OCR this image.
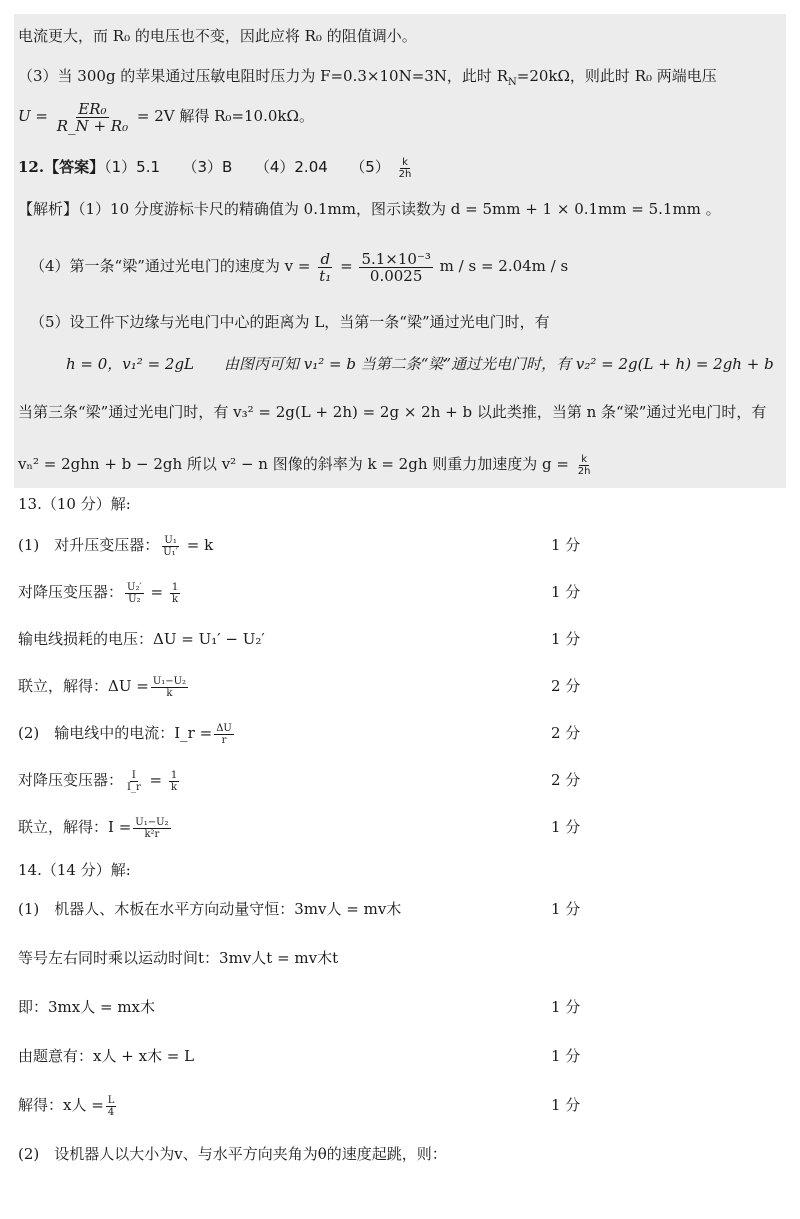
电流更大，而 R₀ 的电压也不变，因此应将 R₀ 的阻值调小。
（3）当 300g 的苹果通过压敏电阻时压力为 F=0.3×10N=3N，此时 $R_N=20k\Omega$，则此时 R₀ 两端电压
$U = \frac{\text{ER₀}}{\text{R\_N + R₀}} = 2V$ 解得 R₀=10.0kΩ。
12.【答案】（1）5.1　　（3）B　　（4）2.04　　$(5) \frac{k}{2h}$
【解析】（1）10 分度游标卡尺的精确值为 0.1mm，图示读数为 d = 5mm + 1 × 0.1mm = 5.1mm 。
（4）第一条“梁”通过光电门的速度为 $v = \frac{d}{\text{t₁}} = \frac{\text{5.1×10⁻³}}{0.0025}$ m / s = 2.04m / s
（5）设工件下边缘与光电门中心的距离为 L，当第一条“梁”通过光电门时，有
h = 0，v₁² = 2gL　　由图丙可知 v₁² = b 当第二条“梁”通过光电门时，有 v₂² = 2g(L + h) = 2gh + b
当第三条“梁”通过光电门时，有 v₃² = 2g(L + 2h) = 2g × 2h + b 以此类推，当第 n 条“梁”通过光电门时，有
vₙ² = 2ghn + b − 2gh 所以 v² − n 图像的斜率为 k = 2gh 则重力加速度为 $g = \frac{k}{2h}$
13.（10 分）解:
(1)　对升压变压器： $\frac{\text{U₁}}{\text{U₁′}} = k$	1 分
对降压变压器： $\frac{\text{U₂′}}{\text{U₂}} = \frac{1}{k}$	1 分
输电线损耗的电压：ΔU = U₁′ − U₂′	1 分
联立，解得：$\Delta U = \frac{\text{U₁−U₂}}{k}$	2 分
(2)　输电线中的电流：I_r = $\frac{\Delta U}{r}$	2 分
对降压变压器： $\frac{I}{I\_r} = \frac{1}{k}$	2 分
联立，解得：$I = \frac{\text{U₁−U₂}}{\text{k²r}}$	1 分
14.（14 分）解:
(1)　机器人、木板在水平方向动量守恒：3mv人 = mv木	1 分
等号左右同时乘以运动时间t：3mv人t = mv木t
即：3mx人 = mx木	1 分
由题意有：x人 + x木 = L	1 分
解得：x人 = $\frac{L}{4}$	1 分
(2)　设机器人以大小为v、与水平方向夹角为θ的速度起跳，则：
